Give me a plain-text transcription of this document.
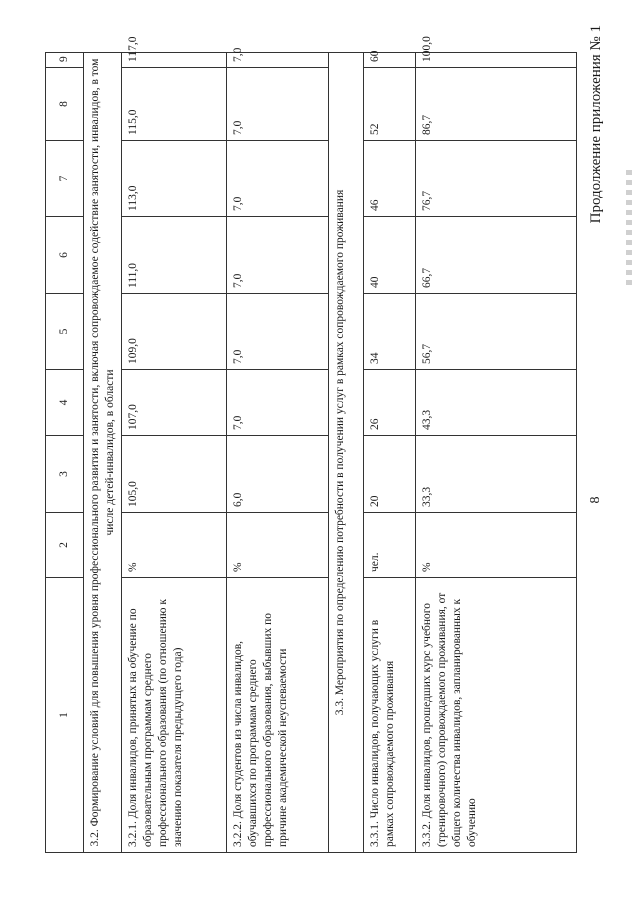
8
Продолжение приложения № 1
1	2	3	4	5	6	7	8	9
3.2. Формирование условий для повышения уровня профессионального развития и занятости, включая сопровождаемое содействие занятости, инвалидов, в том числе детей-инвалидов, в области								
3.2.1. Доля инвалидов, принятых на обучение по образовательным программам среднего профессионального образования (по отношению к значению показателя предыдущего года)	%	105,0	107,0	109,0	111,0	113,0	115,0	117,0
3.2.2. Доля студентов из числа инвалидов, обучавшихся по программам среднего профессионального образования, выбывших по причине академической неуспеваемости	%	6,0	7,0	7,0	7,0	7,0	7,0	7,0
3.3. Мероприятия по определению потребности в получении услуг в рамках сопровождаемого проживания								
3.3.1. Число инвалидов, получающих услуги в рамках сопровождаемого проживания	чел.	20	26	34	40	46	52	60
3.3.2. Доля инвалидов, прошедших курс учебного (тренировочного) сопровождаемого проживания, от общего количества инвалидов, запланированных к обучению	%	33,3	43,3	56,7	66,7	76,7	86,7	100,0
